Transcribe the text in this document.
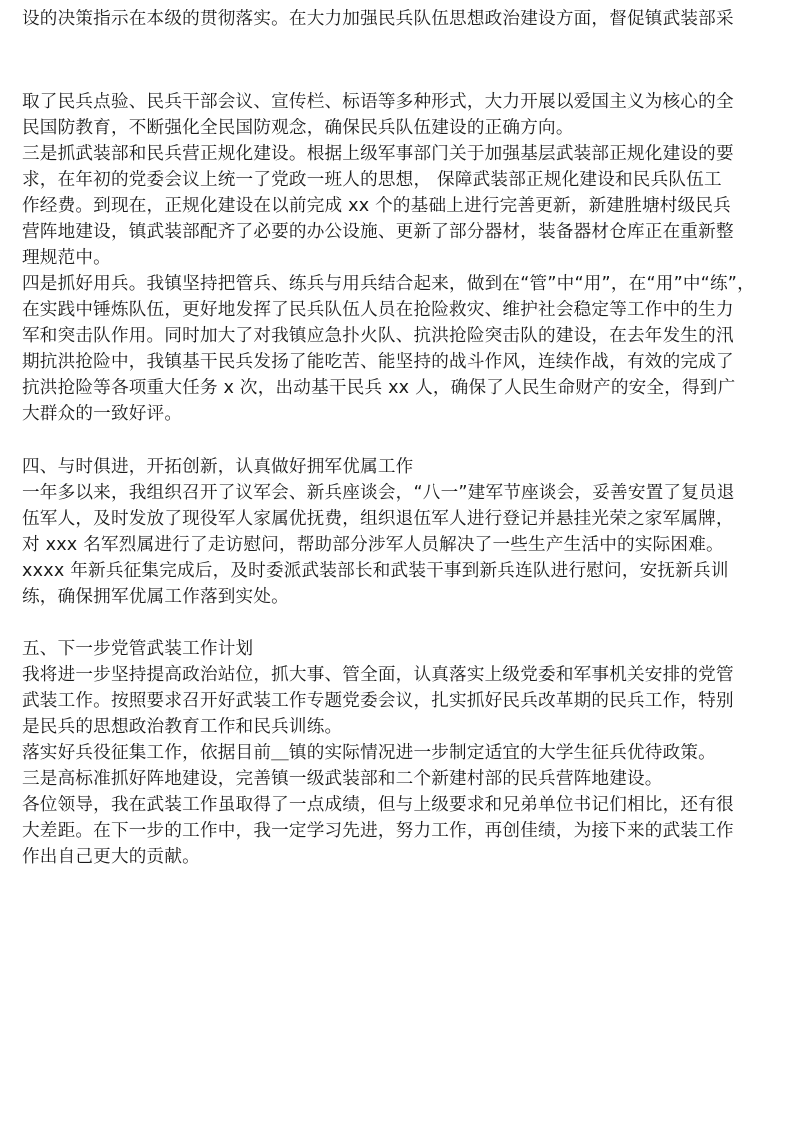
设的决策指示在本级的贯彻落实。在大力加强民兵队伍思想政治建设方面，督促镇武装部采
取了民兵点验、民兵干部会议、宣传栏、标语等多种形式，大力开展以爱国主义为核心的全
民国防教育，不断强化全民国防观念，确保民兵队伍建设的正确方向。
三是抓武装部和民兵营正规化建设。根据上级军事部门关于加强基层武装部正规化建设的要
求，在年初的党委会议上统一了党政一班人的思想， 保障武装部正规化建设和民兵队伍工
作经费。到现在，正规化建设在以前完成 xx 个的基础上进行完善更新，新建胜塘村级民兵
营阵地建设，镇武装部配齐了必要的办公设施、更新了部分器材，装备器材仓库正在重新整
理规范中。
四是抓好用兵。我镇坚持把管兵、练兵与用兵结合起来，做到在“管”中“用”，在“用”中“练”，
在实践中锤炼队伍，更好地发挥了民兵队伍人员在抢险救灾、维护社会稳定等工作中的生力
军和突击队作用。同时加大了对我镇应急扑火队、抗洪抢险突击队的建设，在去年发生的汛
期抗洪抢险中，我镇基干民兵发扬了能吃苦、能坚持的战斗作风，连续作战，有效的完成了
抗洪抢险等各项重大任务 x 次，出动基干民兵 xx 人，确保了人民生命财产的安全，得到广
大群众的一致好评。
四、与时俱进，开拓创新，认真做好拥军优属工作
一年多以来，我组织召开了议军会、新兵座谈会，“八一”建军节座谈会，妥善安置了复员退
伍军人，及时发放了现役军人家属优抚费，组织退伍军人进行登记并悬挂光荣之家军属牌，
对 xxx 名军烈属进行了走访慰问，帮助部分涉军人员解决了一些生产生活中的实际困难。
xxxx 年新兵征集完成后，及时委派武装部长和武装干事到新兵连队进行慰问，安抚新兵训
练，确保拥军优属工作落到实处。
五、下一步党管武装工作计划
我将进一步坚持提高政治站位，抓大事、管全面，认真落实上级党委和军事机关安排的党管
武装工作。按照要求召开好武装工作专题党委会议，扎实抓好民兵改革期的民兵工作，特别
是民兵的思想政治教育工作和民兵训练。
落实好兵役征集工作，依据目前＿镇的实际情况进一步制定适宜的大学生征兵优待政策。
三是高标准抓好阵地建设，完善镇一级武装部和二个新建村部的民兵营阵地建设。
各位领导，我在武装工作虽取得了一点成绩，但与上级要求和兄弟单位书记们相比，还有很
大差距。在下一步的工作中，我一定学习先进，努力工作，再创佳绩，为接下来的武装工作
作出自己更大的贡献。
